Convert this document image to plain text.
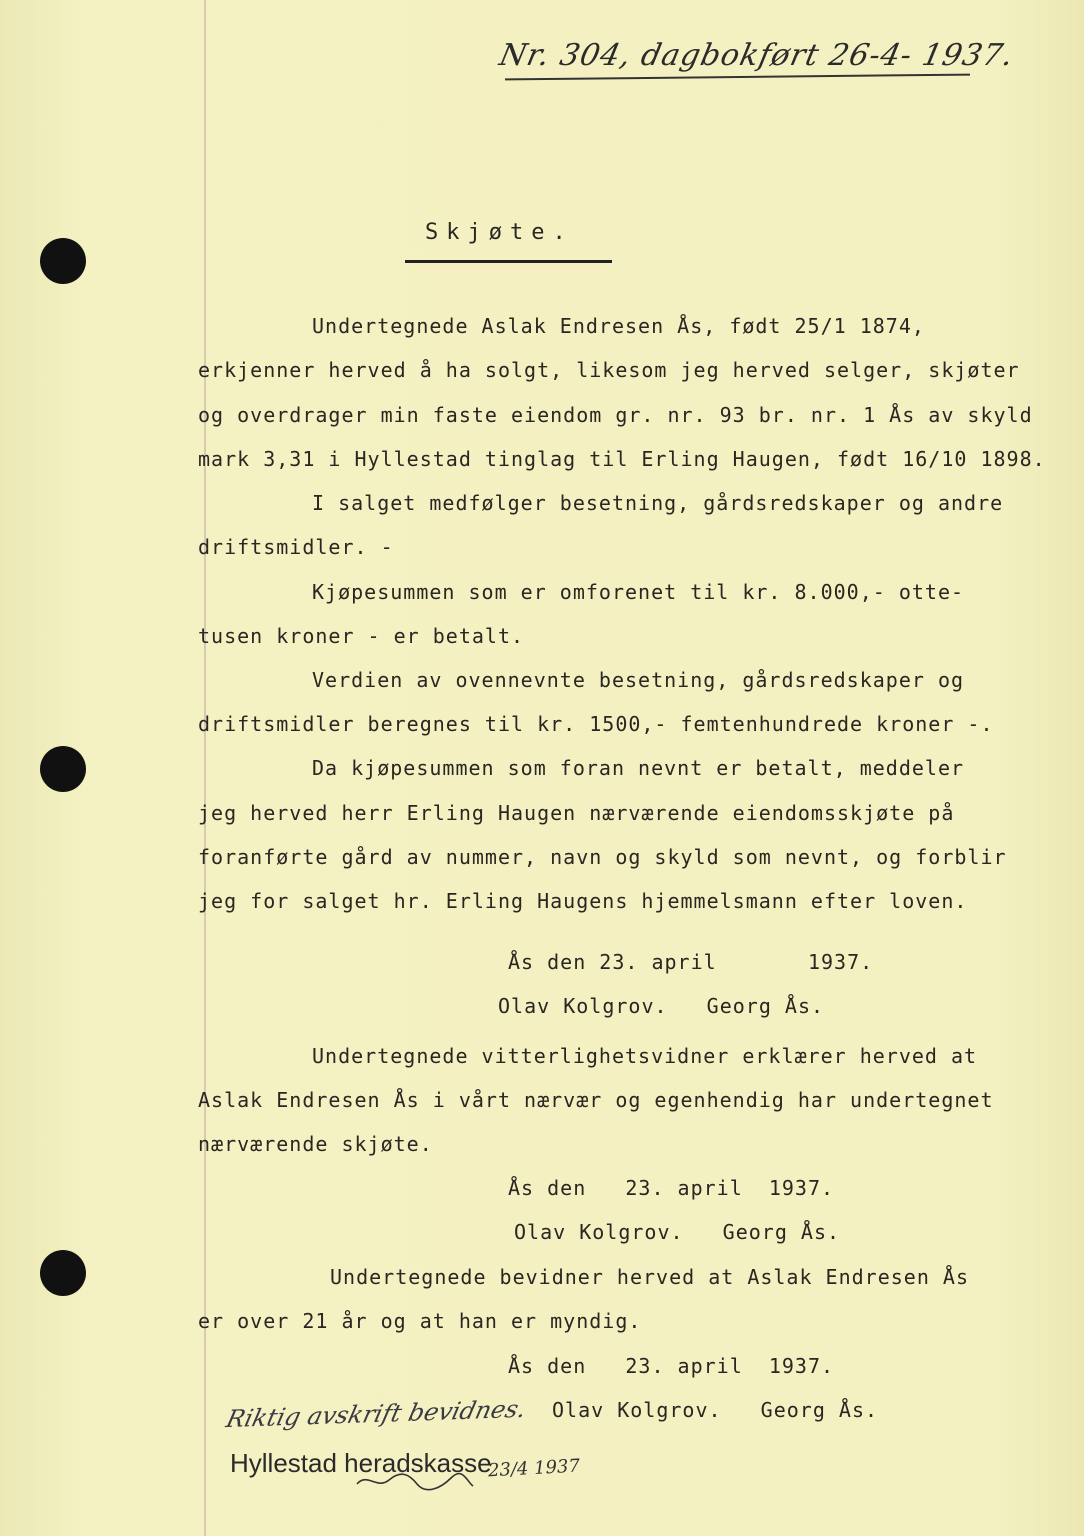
Nr. 304, dagbokført 26-4- 1937.
Skjøte.
Undertegnede Aslak Endresen Ås, født 25/1 1874,
erkjenner herved å ha solgt, likesom jeg herved selger, skjøter
og overdrager min faste eiendom gr. nr. 93 br. nr. 1 Ås av skyld
mark 3,31 i Hyllestad tinglag til Erling Haugen, født 16/10 1898.
I salget medfølger besetning, gårdsredskaper og andre
driftsmidler. -
Kjøpesummen som er omforenet til kr. 8.000,- otte-
tusen kroner - er betalt.
Verdien av ovennevnte besetning, gårdsredskaper og
driftsmidler beregnes til kr. 1500,- femtenhundrede kroner -.
Da kjøpesummen som foran nevnt er betalt, meddeler
jeg herved herr Erling Haugen nærværende eiendomsskjøte på
foranførte gård av nummer, navn og skyld som nevnt, og forblir
jeg for salget hr. Erling Haugens hjemmelsmann efter loven.
Ås den 23. april       1937.
Olav Kolgrov.   Georg Ås.
Undertegnede vitterlighetsvidner erklærer herved at
Aslak Endresen Ås i vårt nærvær og egenhendig har undertegnet
nærværende skjøte.
Ås den   23. april  1937.
Olav Kolgrov.   Georg Ås.
Undertegnede bevidner herved at Aslak Endresen Ås
er over 21 år og at han er myndig.
Ås den   23. april  1937.
Olav Kolgrov.   Georg Ås.
Riktig avskrift bevidnes.
Hyllestad heradskasse
23/4 1937
